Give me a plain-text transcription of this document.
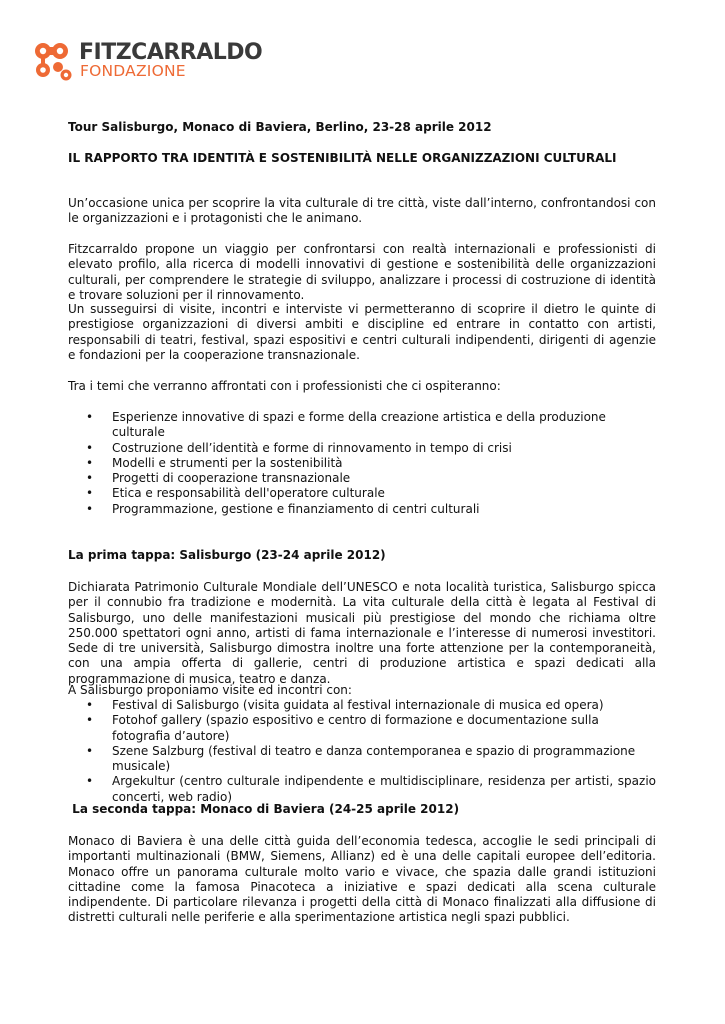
FITZCARRALDO
FONDAZIONE
Tour Salisburgo, Monaco di Baviera, Berlino, 23-28 aprile 2012
IL RAPPORTO TRA IDENTITÀ E SOSTENIBILITÀ NELLE ORGANIZZAZIONI CULTURALI

Un’occasione unica per scoprire la vita culturale di tre città, viste dall’interno, confrontandosi con le organizzazioni e i protagonisti che le animano.

Fitzcarraldo propone un viaggio per confrontarsi con realtà internazionali e professionisti di elevato profilo, alla ricerca di modelli innovativi di gestione e sostenibilità delle organizzazioni culturali, per comprendere le strategie di sviluppo, analizzare i processi di costruzione di identità e trovare soluzioni per il rinnovamento.

Un susseguirsi di visite, incontri e interviste vi permetteranno di scoprire il dietro le quinte di prestigiose organizzazioni di diversi ambiti e discipline ed entrare in contatto con artisti, responsabili di teatri, festival, spazi espositivi e centri culturali indipendenti, dirigenti di agenzie e fondazioni per la cooperazione transnazionale.

Tra i temi che verranno affrontati con i professionisti che ci ospiteranno:

• Esperienze innovative di spazi e forme della creazione artistica e della produzione culturale
• Costruzione dell’identità e forme di rinnovamento in tempo di crisi
• Modelli e strumenti per la sostenibilità
• Progetti di cooperazione transnazionale
• Etica e responsabilità dell'operatore culturale
• Programmazione, gestione e finanziamento di centri culturali
La prima tappa: Salisburgo (23-24 aprile 2012)

Dichiarata Patrimonio Culturale Mondiale dell’UNESCO e nota località turistica, Salisburgo spicca per il connubio fra tradizione e modernità. La vita culturale della città è legata al Festival di Salisburgo, uno delle manifestazioni musicali più prestigiose del mondo che richiama oltre 250.000 spettatori ogni anno, artisti di fama internazionale e l’interesse di numerosi investitori. Sede di tre università, Salisburgo dimostra inoltre una forte attenzione per la contemporaneità, con una ampia offerta di gallerie, centri di produzione artistica e spazi dedicati alla programmazione di musica, teatro e danza.

A Salisburgo proponiamo visite ed incontri con:

• Festival di Salisburgo (visita guidata al festival internazionale di musica ed opera)
• Fotohof gallery (spazio espositivo e centro di formazione e documentazione sulla fotografia d’autore)
• Szene Salzburg (festival di teatro e danza contemporanea e spazio di programmazione musicale)
• Argekultur (centro culturale indipendente e multidisciplinare, residenza per artisti, spazio concerti, web radio)
La seconda tappa: Monaco di Baviera (24-25 aprile 2012)

Monaco di Baviera è una delle città guida dell’economia tedesca, accoglie le sedi principali di importanti multinazionali (BMW, Siemens, Allianz) ed è una delle capitali europee dell’editoria. Monaco offre un panorama culturale molto vario e vivace, che spazia dalle grandi istituzioni cittadine come la famosa Pinacoteca a iniziative e spazi dedicati alla scena culturale indipendente. Di particolare rilevanza i progetti della città di Monaco finalizzati alla diffusione di distretti culturali nelle periferie e alla sperimentazione artistica negli spazi pubblici.
